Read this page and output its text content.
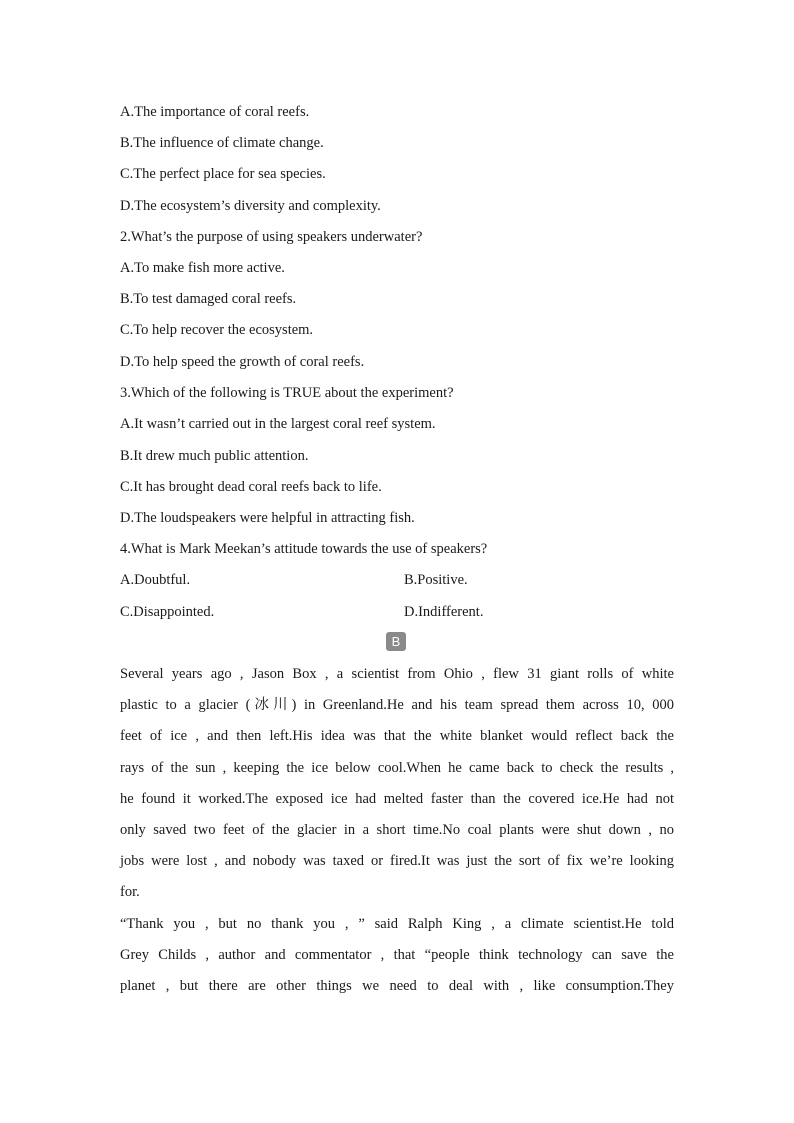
A.The importance of coral reefs.
B.The influence of climate change.
C.The perfect place for sea species.
D.The ecosystem’s diversity and complexity.
2.What’s the purpose of using speakers underwater?
A.To make fish more active.
B.To test damaged coral reefs.
C.To help recover the ecosystem.
D.To help speed the growth of coral reefs.
3.Which of the following is TRUE about the experiment?
A.It wasn’t carried out in the largest coral reef system.
B.It drew much public attention.
C.It has brought dead coral reefs back to life.
D.The loudspeakers were helpful in attracting fish.
4.What is Mark Meekan’s attitude towards the use of speakers?
A.Doubtful.	B.Positive.
C.Disappointed.	D.Indifferent.
B
Several years ago , Jason Box , a scientist from Ohio , flew 31 giant rolls of white
plastic to a glacier (冰川) in Greenland.He and his team spread them across 10, 000
feet of ice , and then left.His idea was that the white blanket would reflect back the
rays of the sun , keeping the ice below cool.When he came back to check the results ,
he found it worked.The exposed ice had melted faster than the covered ice.He had not
only saved two feet of the glacier in a short time.No coal plants were shut down , no
jobs were lost , and nobody was taxed or fired.It was just the sort of fix we’re looking
for.
“Thank you , but no thank you , ” said Ralph King , a climate scientist.He told
Grey Childs , author and commentator , that “people think technology can save the
planet , but there are other things we need to deal with , like consumption.They
